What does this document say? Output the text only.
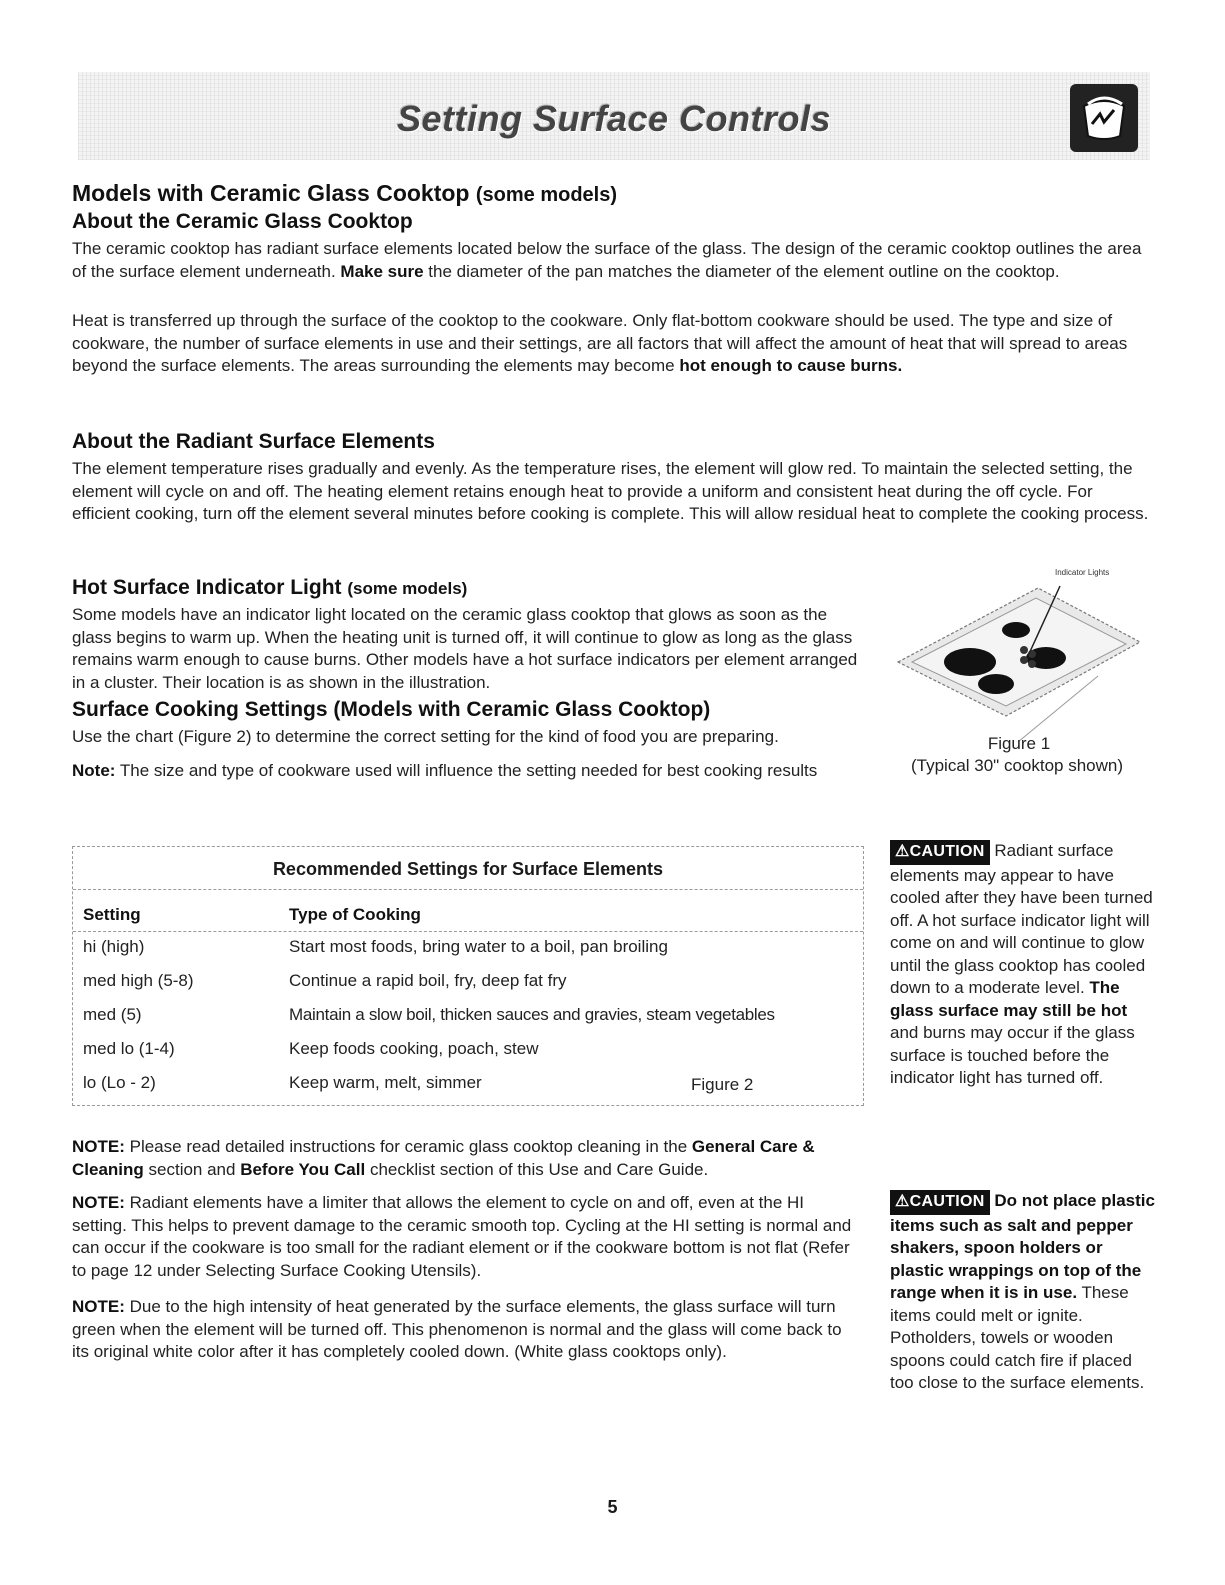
Setting Surface Controls
Models with Ceramic Glass Cooktop (some models)
About the Ceramic Glass Cooktop

The ceramic cooktop has radiant surface elements located below the surface of the glass. The design of the ceramic cooktop outlines the area of the surface element underneath. Make sure the diameter of the pan matches the diameter of the element outline on the cooktop.

Heat is transferred up through the surface of the cooktop to the cookware. Only flat-bottom cookware should be used. The type and size of cookware, the number of surface elements in use and their settings, are all factors that will affect the amount of heat that will spread to areas beyond the surface elements. The areas surrounding the elements may become hot enough to cause burns.

About the Radiant Surface Elements

The element temperature rises gradually and evenly. As the temperature rises, the element will glow red. To maintain the selected setting, the element will cycle on and off. The heating element retains enough heat to provide a uniform and consistent heat during the off cycle. For efficient cooking, turn off the element several minutes before cooking is complete. This will allow residual heat to complete the cooking process.

Hot Surface Indicator Light (some models)

Some models have an indicator light located on the ceramic glass cooktop that glows as soon as the glass begins to warm up. When the heating unit is turned off, it will continue to glow as long as the glass remains warm enough to cause burns. Other models have a hot surface indicators per element arranged in a cluster. Their location is as shown in the illustration.

Surface Cooking Settings (Models with Ceramic Glass Cooktop)

Use the chart (Figure 2) to determine the correct setting for the kind of food you are preparing.

Note: The size and type of cookware used will influence the setting needed for best cooking results

Indicator Lights
Figure 1
(Typical 30" cooktop shown)
Recommended Settings for Surface Elements
Setting	Type of Cooking
hi (high)	Start most foods, bring water to a boil, pan broiling
med high (5-8)	Continue a rapid boil, fry, deep fat fry
med (5)	Maintain a slow boil, thicken sauces and gravies, steam vegetables
med lo (1-4)	Keep foods cooking, poach, stew
lo (Lo - 2)	Keep warm, melt, simmer	Figure 2

NOTE: Please read detailed instructions for ceramic glass cooktop cleaning in the General Care & Cleaning section and Before You Call checklist section of this Use and Care Guide.

NOTE: Radiant elements have a limiter that allows the element to cycle on and off, even at the HI setting. This helps to prevent damage to the ceramic smooth top. Cycling at the HI setting is normal and can occur if the cookware is too small for the radiant element or if the cookware bottom is not flat (Refer to page 12 under Selecting Surface Cooking Utensils).

NOTE: Due to the high intensity of heat generated by the surface elements, the glass surface will turn green when the element will be turned off. This phenomenon is normal and the glass will come back to its original white color after it has completely cooled down. (White glass cooktops only).

⚠CAUTION Radiant surface elements may appear to have cooled after they have been turned off. A hot surface indicator light will come on and will continue to glow until the glass cooktop has cooled down to a moderate level. The glass surface may still be hot and burns may occur if the glass surface is touched before the indicator light has turned off.

⚠CAUTION Do not place plastic items such as salt and pepper shakers, spoon holders or plastic wrappings on top of the range when it is in use. These items could melt or ignite. Potholders, towels or wooden spoons could catch fire if placed too close to the surface elements.

5
